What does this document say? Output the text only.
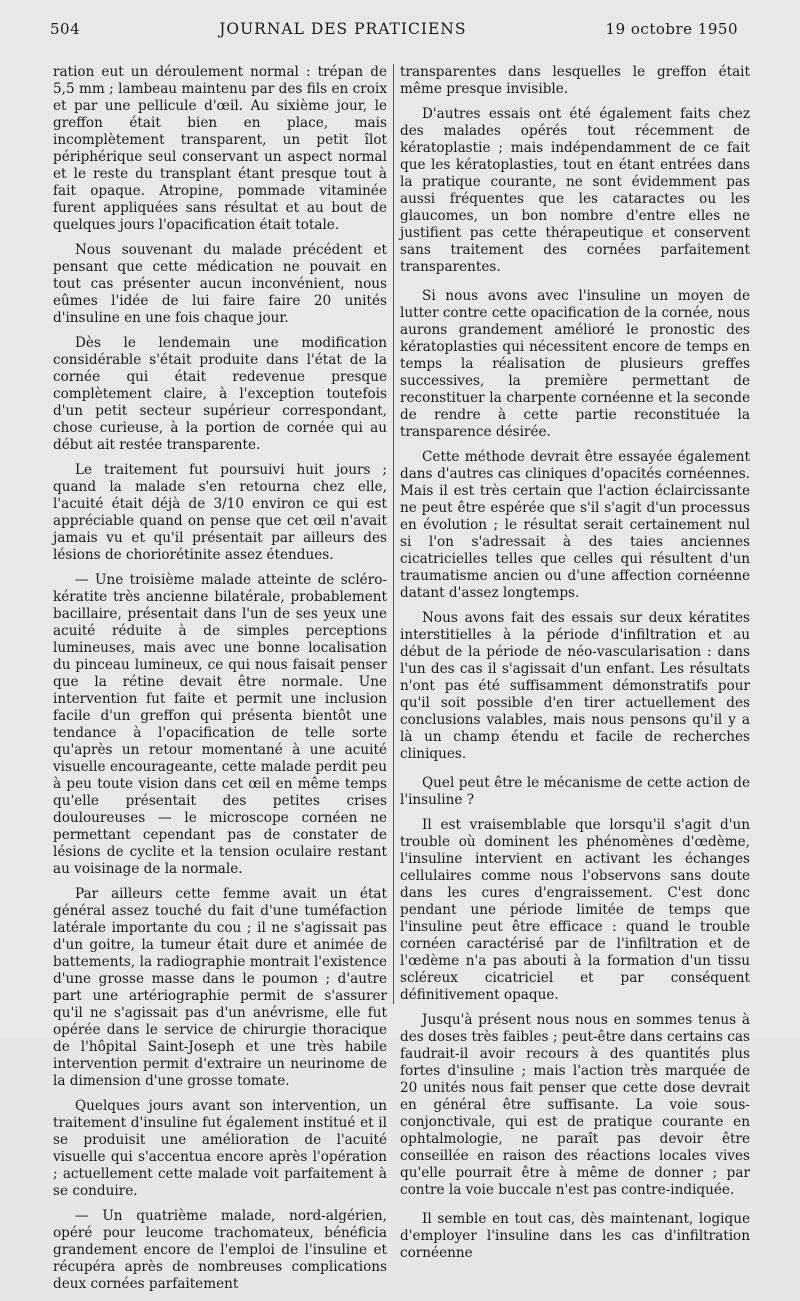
504	JOURNAL DES PRATICIENS	19 octobre 1950

ration eut un déroulement normal : trépan de 5,5 mm ; lambeau maintenu par des fils en croix et par une pellicule d'œil. Au sixième jour, le greffon était bien en place, mais incomplètement transparent, un petit îlot périphérique seul conservant un aspect normal et le reste du transplant étant presque tout à fait opaque. Atropine, pommade vitaminée furent appliquées sans résultat et au bout de quelques jours l'opacification était totale.

Nous souvenant du malade précédent et pensant que cette médication ne pouvait en tout cas présenter aucun inconvénient, nous eûmes l'idée de lui faire faire 20 unités d'insuline en une fois chaque jour.

Dès le lendemain une modification considérable s'était produite dans l'état de la cornée qui était redevenue presque complètement claire, à l'exception toutefois d'un petit secteur supérieur correspondant, chose curieuse, à la portion de cornée qui au début ait restée transparente.

Le traitement fut poursuivi huit jours ; quand la malade s'en retourna chez elle, l'acuité était déjà de 3/10 environ ce qui est appréciable quand on pense que cet œil n'avait jamais vu et qu'il présentait par ailleurs des lésions de choriorétinite assez étendues.

— Une troisième malade atteinte de scléro-kératite très ancienne bilatérale, probablement bacillaire, présentait dans l'un de ses yeux une acuité réduite à de simples perceptions lumineuses, mais avec une bonne localisation du pinceau lumineux, ce qui nous faisait penser que la rétine devait être normale. Une intervention fut faite et permit une inclusion facile d'un greffon qui présenta bientôt une tendance à l'opacification de telle sorte qu'après un retour momentané à une acuité visuelle encourageante, cette malade perdit peu à peu toute vision dans cet œil en même temps qu'elle présentait des petites crises douloureuses — le microscope cornéen ne permettant cependant pas de constater de lésions de cyclite et la tension oculaire restant au voisinage de la normale.

Par ailleurs cette femme avait un état général assez touché du fait d'une tuméfaction latérale importante du cou ; il ne s'agissait pas d'un goitre, la tumeur était dure et animée de battements, la radiographie montrait l'existence d'une grosse masse dans le poumon ; d'autre part une artériographie permit de s'assurer qu'il ne s'agissait pas d'un anévrisme, elle fut opérée dans le service de chirurgie thoracique de l'hôpital Saint-Joseph et une très habile intervention permit d'extraire un neurinome de la dimension d'une grosse tomate.

Quelques jours avant son intervention, un traitement d'insuline fut également institué et il se produisit une amélioration de l'acuité visuelle qui s'accentua encore après l'opération ; actuellement cette malade voit parfaitement à se conduire.

— Un quatrième malade, nord-algérien, opéré pour leucome trachomateux, bénéficia grandement encore de l'emploi de l'insuline et récupéra après de nombreuses complications deux cornées parfaitement

transparentes dans lesquelles le greffon était même presque invisible.

D'autres essais ont été également faits chez des malades opérés tout récemment de kératoplastie ; mais indépendamment de ce fait que les kératoplasties, tout en étant entrées dans la pratique courante, ne sont évidemment pas aussi fréquentes que les cataractes ou les glaucomes, un bon nombre d'entre elles ne justifient pas cette thérapeutique et conservent sans traitement des cornées parfaitement transparentes.

Si nous avons avec l'insuline un moyen de lutter contre cette opacification de la cornée, nous aurons grandement amélioré le pronostic des kératoplasties qui nécessitent encore de temps en temps la réalisation de plusieurs greffes successives, la première permettant de reconstituer la charpente cornéenne et la seconde de rendre à cette partie reconstituée la transparence désirée.

Cette méthode devrait être essayée également dans d'autres cas cliniques d'opacités cornéennes. Mais il est très certain que l'action éclaircissante ne peut être espérée que s'il s'agit d'un processus en évolution ; le résultat serait certainement nul si l'on s'adressait à des taies anciennes cicatricielles telles que celles qui résultent d'un traumatisme ancien ou d'une affection cornéenne datant d'assez longtemps.

Nous avons fait des essais sur deux kératites interstitielles à la période d'infiltration et au début de la période de néo-vascularisation : dans l'un des cas il s'agissait d'un enfant. Les résultats n'ont pas été suffisamment démonstratifs pour qu'il soit possible d'en tirer actuellement des conclusions valables, mais nous pensons qu'il y a là un champ étendu et facile de recherches cliniques.

Quel peut être le mécanisme de cette action de l'insuline ?

Il est vraisemblable que lorsqu'il s'agit d'un trouble où dominent les phénomènes d'œdème, l'insuline intervient en activant les échanges cellulaires comme nous l'observons sans doute dans les cures d'engraissement. C'est donc pendant une période limitée de temps que l'insuline peut être efficace : quand le trouble cornéen caractérisé par de l'infiltration et de l'œdème n'a pas abouti à la formation d'un tissu scléreux cicatriciel et par conséquent définitivement opaque.

Jusqu'à présent nous nous en sommes tenus à des doses très faibles ; peut-être dans certains cas faudrait-il avoir recours à des quantités plus fortes d'insuline ; mais l'action très marquée de 20 unités nous fait penser que cette dose devrait en général être suffisante. La voie sous-conjonctivale, qui est de pratique courante en ophtalmologie, ne paraît pas devoir être conseillée en raison des réactions locales vives qu'elle pourrait être à même de donner ; par contre la voie buccale n'est pas contre-indiquée.

Il semble en tout cas, dès maintenant, logique d'employer l'insuline dans les cas d'infiltration cornéenne
